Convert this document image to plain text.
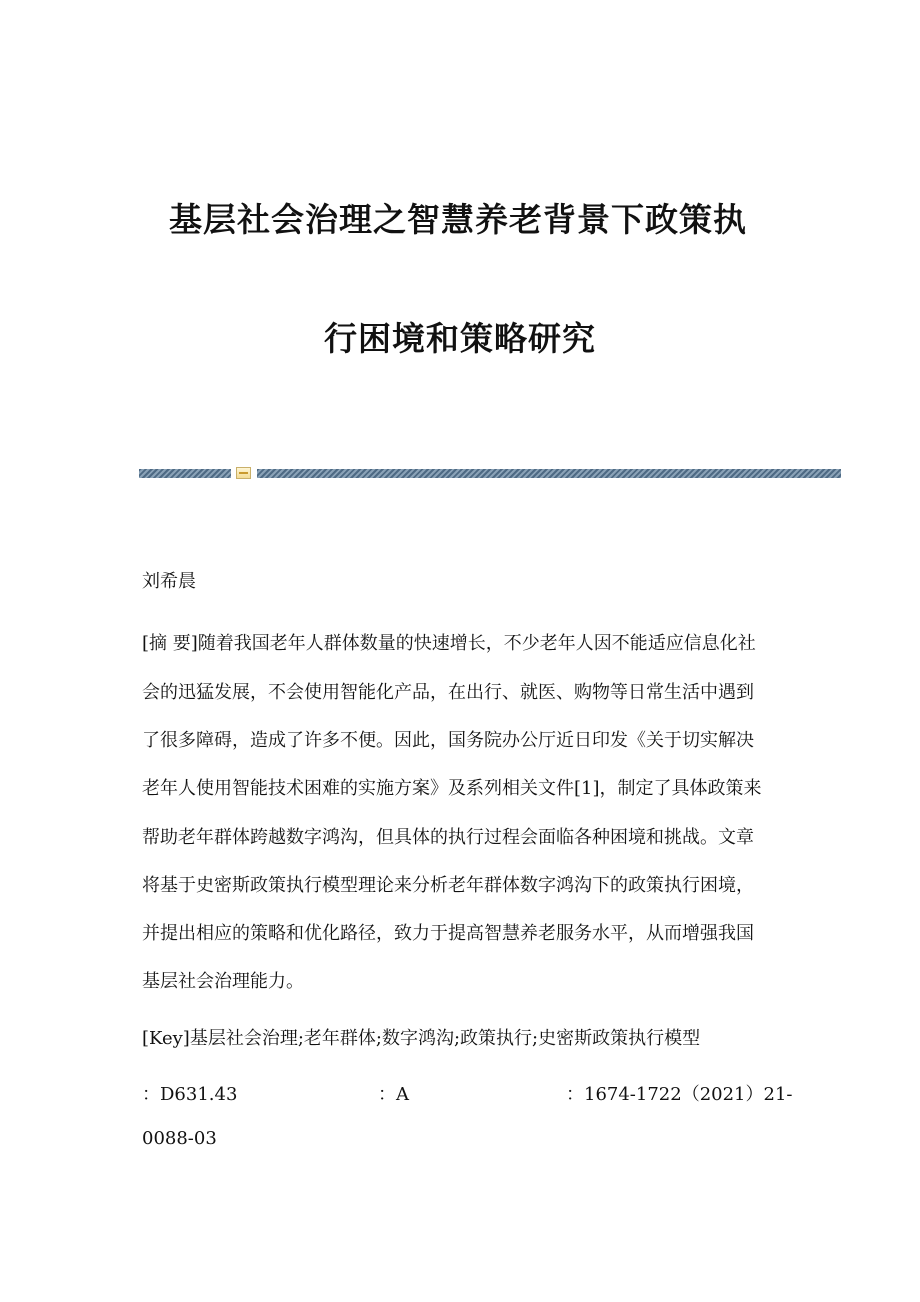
基层社会治理之智慧养老背景下政策执
行困境和策略研究
刘希晨
[摘 要]随着我国老年人群体数量的快速增长，不少老年人因不能适应信息化社
会的迅猛发展，不会使用智能化产品，在出行、就医、购物等日常生活中遇到
了很多障碍，造成了许多不便。因此，国务院办公厅近日印发《关于切实解决
老年人使用智能技术困难的实施方案》及系列相关文件[1]，制定了具体政策来
帮助老年群体跨越数字鸿沟，但具体的执行过程会面临各种困境和挑战。文章
将基于史密斯政策执行模型理论来分析老年群体数字鸿沟下的政策执行困境，
并提出相应的策略和优化路径，致力于提高智慧养老服务水平，从而增强我国
基层社会治理能力。
[Key]基层社会治理;老年群体;数字鸿沟;政策执行;史密斯政策执行模型
：D631.43	：A	：1674-1722（2021）21-
0088-03
